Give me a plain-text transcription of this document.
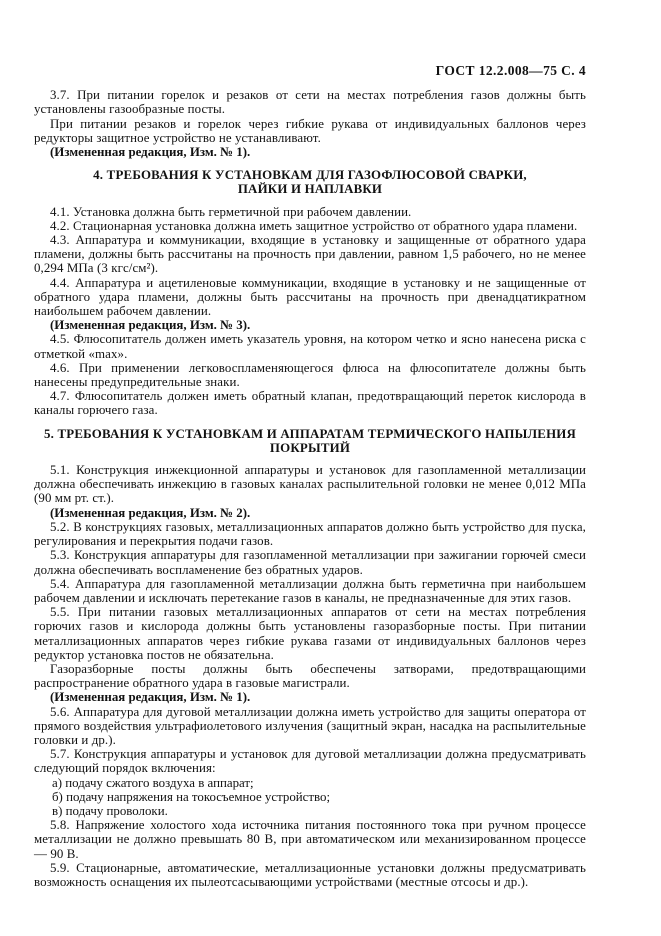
ГОСТ 12.2.008—75 С. 4

3.7. При питании горелок и резаков от сети на местах потребления газов должны быть установлены газообразные посты.

При питании резаков и горелок через гибкие рукава от индивидуальных баллонов через редукторы защитное устройство не устанавливают.

(Измененная редакция, Изм. № 1).

4. ТРЕБОВАНИЯ К УСТАНОВКАМ ДЛЯ ГАЗОФЛЮСОВОЙ СВАРКИ,
ПАЙКИ И НАПЛАВКИ

4.1. Установка должна быть герметичной при рабочем давлении.

4.2. Стационарная установка должна иметь защитное устройство от обратного удара пламени.

4.3. Аппаратура и коммуникации, входящие в установку и защищенные от обратного удара пламени, должны быть рассчитаны на прочность при давлении, равном 1,5 рабочего, но не менее 0,294 МПа (3 кгс/см²).

4.4. Аппаратура и ацетиленовые коммуникации, входящие в установку и не защищенные от обратного удара пламени, должны быть рассчитаны на прочность при двенадцатикратном наибольшем рабочем давлении.

(Измененная редакция, Изм. № 3).

4.5. Флюсопитатель должен иметь указатель уровня, на котором четко и ясно нанесена риска с отметкой «max».

4.6. При применении легковоспламеняющегося флюса на флюсопитателе должны быть нанесены предупредительные знаки.

4.7. Флюсопитатель должен иметь обратный клапан, предотвращающий переток кислорода в каналы горючего газа.

5. ТРЕБОВАНИЯ К УСТАНОВКАМ И АППАРАТАМ ТЕРМИЧЕСКОГО НАПЫЛЕНИЯ
ПОКРЫТИЙ

5.1. Конструкция инжекционной аппаратуры и установок для газопламенной металлизации должна обеспечивать инжекцию в газовых каналах распылительной головки не менее 0,012 МПа (90 мм рт. ст.).

(Измененная редакция, Изм. № 2).

5.2. В конструкциях газовых, металлизационных аппаратов должно быть устройство для пуска, регулирования и перекрытия подачи газов.

5.3. Конструкция аппаратуры для газопламенной металлизации при зажигании горючей смеси должна обеспечивать воспламенение без обратных ударов.

5.4. Аппаратура для газопламенной металлизации должна быть герметична при наибольшем рабочем давлении и исключать перетекание газов в каналы, не предназначенные для этих газов.

5.5. При питании газовых металлизационных аппаратов от сети на местах потребления горючих газов и кислорода должны быть установлены газоразборные посты. При питании металлизационных аппаратов через гибкие рукава газами от индивидуальных баллонов через редуктор установка постов не обязательна.

Газоразборные посты должны быть обеспечены затворами, предотвращающими распространение обратного удара в газовые магистрали.

(Измененная редакция, Изм. № 1).

5.6. Аппаратура для дуговой металлизации должна иметь устройство для защиты оператора от прямого воздействия ультрафиолетового излучения (защитный экран, насадка на распылительные головки и др.).

5.7. Конструкция аппаратуры и установок для дуговой металлизации должна предусматривать следующий порядок включения:

а) подачу сжатого воздуха в аппарат;

б) подачу напряжения на токосъемное устройство;

в) подачу проволоки.

5.8. Напряжение холостого хода источника питания постоянного тока при ручном процессе металлизации не должно превышать 80 В, при автоматическом или механизированном процессе — 90 В.

5.9. Стационарные, автоматические, металлизационные установки должны предусматривать возможность оснащения их пылеотсасывающими устройствами (местные отсосы и др.).
